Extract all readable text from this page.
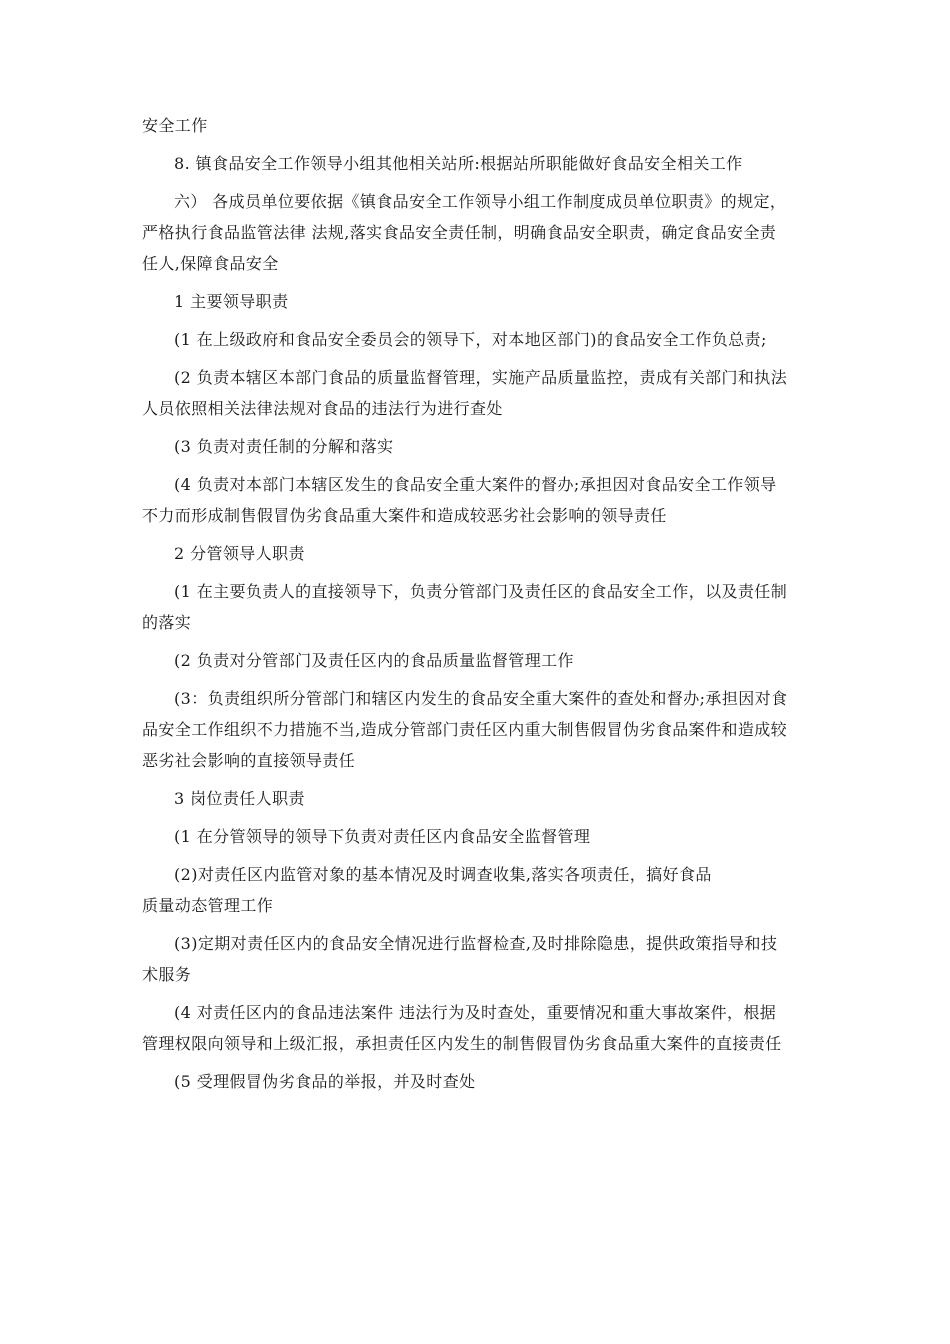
安全工作

8. 镇食品安全工作领导小组其他相关站所:根据站所职能做好食品安全相关工作

六） 各成员单位要依据《镇食品安全工作领导小组工作制度成员单位职责》的规定，

严格执行食品监管法律 法规,落实食品安全责任制，明确食品安全职责，确定食品安全责

任人,保障食品安全

1 主要领导职责

(1 在上级政府和食品安全委员会的领导下，对本地区部门)的食品安全工作负总责;

(2 负责本辖区本部门食品的质量监督管理，实施产品质量监控，责成有关部门和执法

人员依照相关法律法规对食品的违法行为进行查处

(3 负责对责任制的分解和落实

(4 负责对本部门本辖区发生的食品安全重大案件的督办;承担因对食品安全工作领导

不力而形成制售假冒伪劣食品重大案件和造成较恶劣社会影响的领导责任

2 分管领导人职责

(1 在主要负责人的直接领导下，负责分管部门及责任区的食品安全工作，以及责任制

的落实

(2 负责对分管部门及责任区内的食品质量监督管理工作

(3：负责组织所分管部门和辖区内发生的食品安全重大案件的查处和督办;承担因对食

品安全工作组织不力措施不当,造成分管部门责任区内重大制售假冒伪劣食品案件和造成较

恶劣社会影响的直接领导责任

3 岗位责任人职责

(1 在分管领导的领导下负责对责任区内食品安全监督管理

(2)对责任区内监管对象的基本情况及时调查收集,落实各项责任，搞好食品

质量动态管理工作

(3)定期对责任区内的食品安全情况进行监督检查,及时排除隐患，提供政策指导和技

术服务

(4 对责任区内的食品违法案件 违法行为及时查处，重要情况和重大事故案件，根据

管理权限向领导和上级汇报，承担责任区内发生的制售假冒伪劣食品重大案件的直接责任

(5 受理假冒伪劣食品的举报，并及时查处
